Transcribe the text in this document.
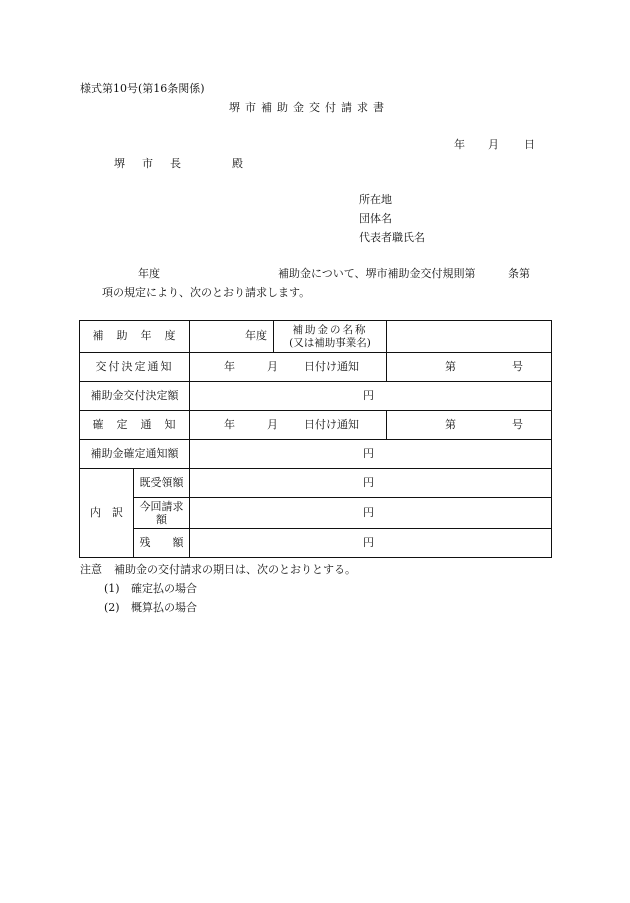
様式第10号(第16条関係)
堺市補助金交付請求書
年 月 日
堺　市　長	殿
所在地
団体名
代表者職氏名
年度	補助金について、堺市補助金交付規則第	条第
項の規定により、次のとおり請求します。
補　助　年　度		年度	補助金の名称
(又は補助事業名)	

交付決定通知		年 月 日付け通知		第 号

補助金交付決定額		円		

確　定　通　知		年 月 日付け通知		第 号

補助金確定通知額		円		

内　訳	既受領額	円		

	今回請求
額	円		

	残　　額	円		
注意 補助金の交付請求の期日は、次のとおりとする。
(1) 確定払の場合
(2) 概算払の場合
